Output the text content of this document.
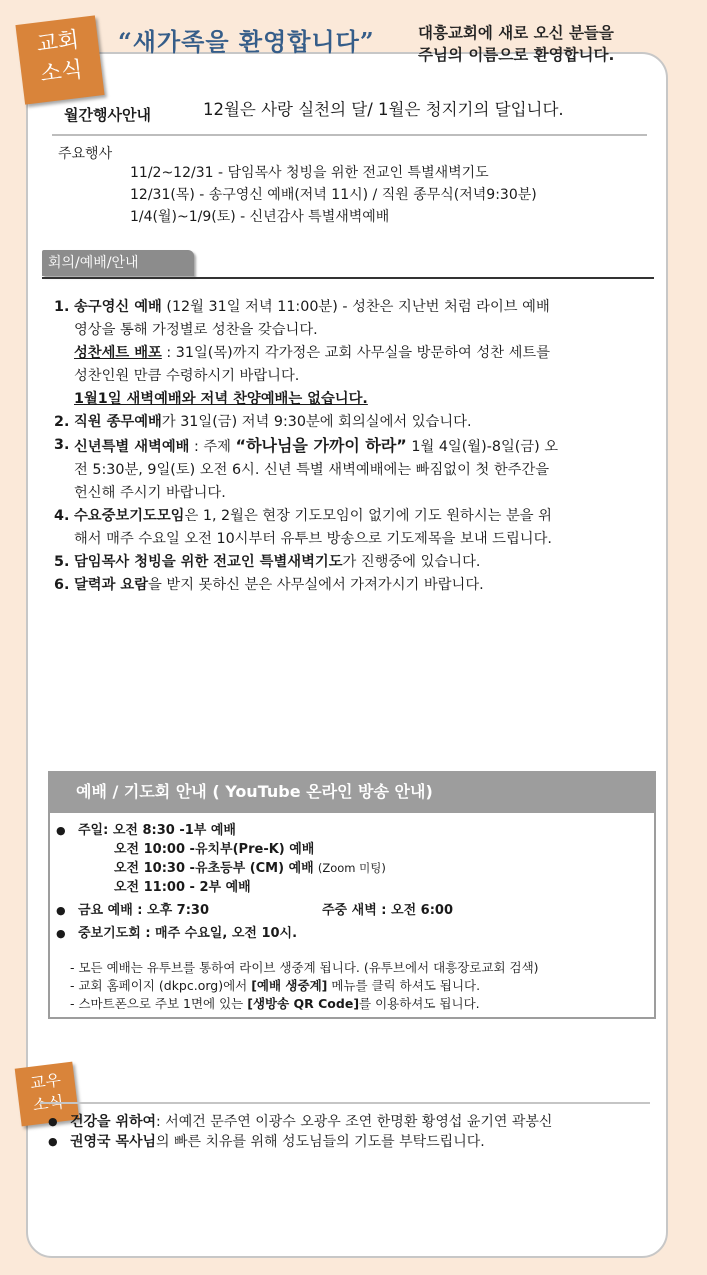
교회
소식
“새가족을 환영합니다”	대흥교회에 새로 오신 분들을
주님의 이름으로 환영합니다.
월간행사안내	12월은 사랑 실천의 달/ 1월은 청지기의 달입니다.
주요행사
11/2~12/31 - 담임목사 청빙을 위한 전교인 특별새벽기도
12/31(목) - 송구영신 예배(저녁 11시) / 직원 종무식(저녁9:30분)
1/4(월)~1/9(토) - 신년감사 특별새벽예배
회의/예배/안내
1. 송구영신 예배 (12월 31일 저녁 11:00분) - 성찬은 지난번 처럼 라이브 예배
영상을 통해 가정별로 성찬을 갖습니다.
성찬세트 배포 : 31일(목)까지 각가정은 교회 사무실을 방문하여 성찬 세트를
성찬인원 만큼 수령하시기 바랍니다.
1월1일 새벽예배와 저녁 찬양예배는 없습니다.
2. 직원 종무예배가 31일(금) 저녁 9:30분에 회의실에서 있습니다.
3. 신년특별 새벽예배 : 주제 “하나님을 가까이 하라” 1월 4일(월)-8일(금) 오
전 5:30분, 9일(토) 오전 6시. 신년 특별 새벽예배에는 빠짐없이 첫 한주간을
헌신해 주시기 바랍니다.
4. 수요중보기도모임은 1, 2월은 현장 기도모임이 없기에 기도 원하시는 분을 위
해서 매주 수요일 오전 10시부터 유투브 방송으로 기도제목을 보내 드립니다.
5. 담임목사 청빙을 위한 전교인 특별새벽기도가 진행중에 있습니다.
6. 달력과 요람을 받지 못하신 분은 사무실에서 가져가시기 바랍니다.
예배 / 기도회 안내 ( YouTube 온라인 방송 안내)
● 주일: 오전 8:30 -1부 예배
오전 10:00 -유치부(Pre-K) 예배
오전 10:30 -유초등부 (CM) 예배 (Zoom 미팅)
오전 11:00 - 2부 예배
● 금요 예배 : 오후 7:30	주중 새벽 : 오전 6:00
● 중보기도회 : 매주 수요일, 오전 10시.
- 모든 예배는 유투브를 통하여 라이브 생중계 됩니다. (유투브에서 대흥장로교회 검색)
- 교회 홈페이지 (dkpc.org)에서 [예배 생중계] 메뉴를 클릭 하셔도 됩니다.
- 스마트폰으로 주보 1면에 있는 [생방송 QR Code]를 이용하셔도 됩니다.
교우
소식
● 건강을 위하여: 서예건 문주연 이광수 오광우 조연 한명환 황영섭 윤기연 곽봉신
● 권영국 목사님의 빠른 치유를 위해 성도님들의 기도를 부탁드립니다.
